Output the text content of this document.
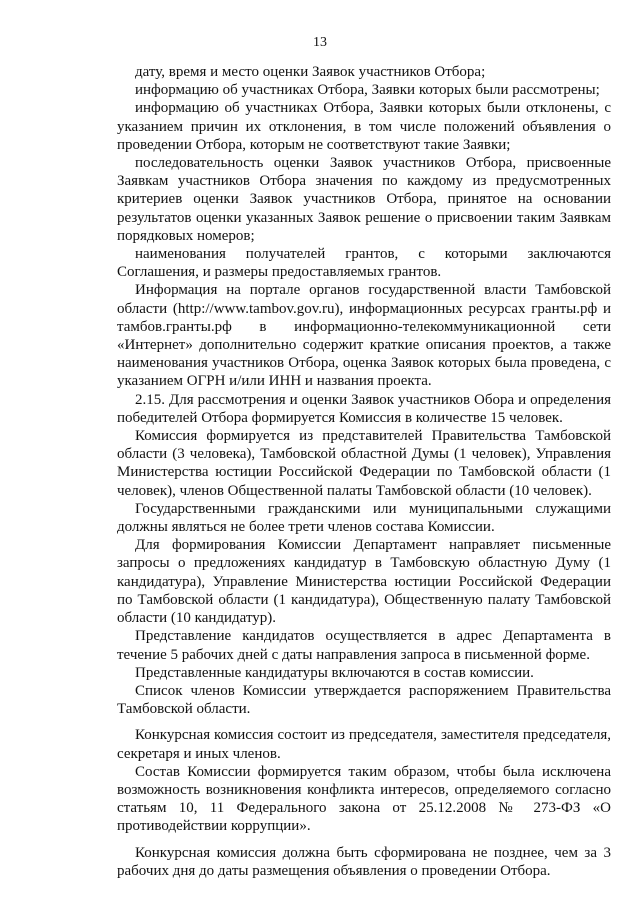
13

дату, время и место оценки Заявок участников Отбора;

информацию об участниках Отбора, Заявки которых были рассмотрены;

информацию об участниках Отбора, Заявки которых были отклонены, с указанием причин их отклонения, в том числе положений объявления о проведении Отбора, которым не соответствуют такие Заявки;

последовательность оценки Заявок участников Отбора, присвоенные Заявкам участников Отбора значения по каждому из предусмотренных критериев оценки Заявок участников Отбора, принятое на основании результатов оценки указанных Заявок решение о присвоении таким Заявкам порядковых номеров;

наименования получателей грантов, с которыми заключаются Соглашения, и размеры предоставляемых грантов.

Информация на портале органов государственной власти Тамбовской области (http://www.tambov.gov.ru), информационных ресурсах гранты.рф и тамбов.гранты.рф в информационно-телекоммуникационной сети «Интернет» дополнительно содержит краткие описания проектов, а также наименования участников Отбора, оценка Заявок которых была проведена, с указанием ОГРН и/или ИНН и названия проекта.

2.15. Для рассмотрения и оценки Заявок участников Обора и определения победителей Отбора формируется Комиссия в количестве 15 человек.

Комиссия формируется из представителей Правительства Тамбовской области (3 человека), Тамбовской областной Думы (1 человек), Управления Министерства юстиции Российской Федерации по Тамбовской области (1 человек), членов Общественной палаты Тамбовской области (10 человек).

Государственными гражданскими или муниципальными служащими должны являться не более трети членов состава Комиссии.

Для формирования Комиссии Департамент направляет письменные запросы о предложениях кандидатур в Тамбовскую областную Думу (1 кандидатура), Управление Министерства юстиции Российской Федерации по Тамбовской области (1 кандидатура), Общественную палату Тамбовской области (10 кандидатур).

Представление кандидатов осуществляется в адрес Департамента в течение 5 рабочих дней с даты направления запроса в письменной форме.

Представленные кандидатуры включаются в состав комиссии.

Список членов Комиссии утверждается распоряжением Правительства Тамбовской области.

Конкурсная комиссия состоит из председателя, заместителя председателя, секретаря и иных членов.

Состав Комиссии формируется таким образом, чтобы была исключена возможность возникновения конфликта интересов, определяемого согласно статьям 10, 11 Федерального закона от 25.12.2008 № 273-ФЗ «О противодействии коррупции».

Конкурсная комиссия должна быть сформирована не позднее, чем за 3 рабочих дня до даты размещения объявления о проведении Отбора.
